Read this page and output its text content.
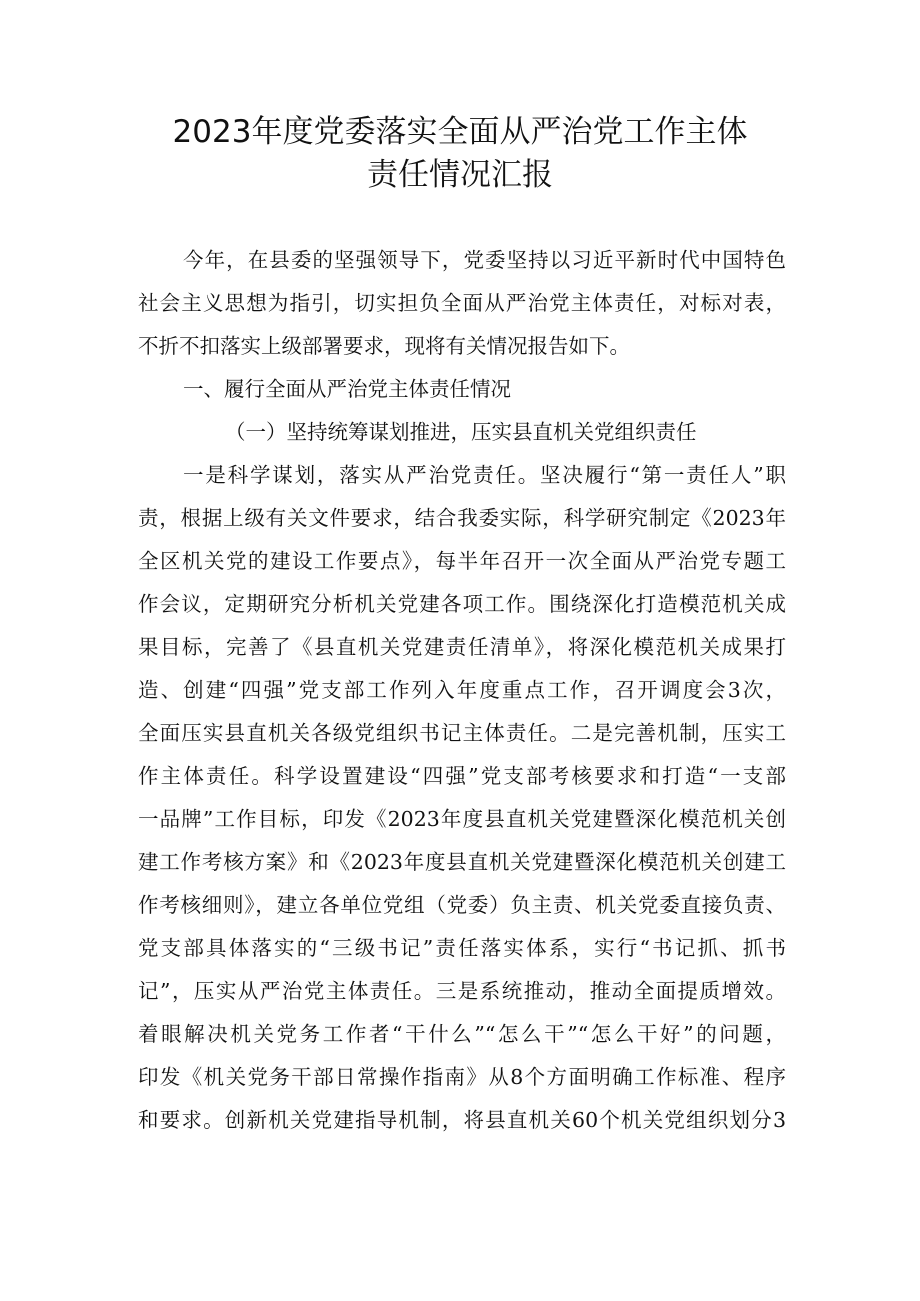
2023年度党委落实全面从严治党工作主体
责任情况汇报
今年，在县委的坚强领导下，党委坚持以习近平新时代中国特色
社会主义思想为指引，切实担负全面从严治党主体责任，对标对表，
不折不扣落实上级部署要求，现将有关情况报告如下。
一、履行全面从严治党主体责任情况
（一）坚持统筹谋划推进，压实县直机关党组织责任
一是科学谋划，落实从严治党责任。坚决履行“第一责任人”职
责，根据上级有关文件要求，结合我委实际，科学研究制定《2023年
全区机关党的建设工作要点》，每半年召开一次全面从严治党专题工
作会议，定期研究分析机关党建各项工作。围绕深化打造模范机关成
果目标，完善了《县直机关党建责任清单》，将深化模范机关成果打
造、创建“四强”党支部工作列入年度重点工作，召开调度会3次，
全面压实县直机关各级党组织书记主体责任。二是完善机制，压实工
作主体责任。科学设置建设“四强”党支部考核要求和打造“一支部
一品牌”工作目标，印发《2023年度县直机关党建暨深化模范机关创
建工作考核方案》和《2023年度县直机关党建暨深化模范机关创建工
作考核细则》，建立各单位党组（党委）负主责、机关党委直接负责、
党支部具体落实的“三级书记”责任落实体系，实行“书记抓、抓书
记”，压实从严治党主体责任。三是系统推动，推动全面提质增效。
着眼解决机关党务工作者“干什么”“怎么干”“怎么干好”的问题，
印发《机关党务干部日常操作指南》从8个方面明确工作标准、程序
和要求。创新机关党建指导机制，将县直机关60个机关党组织划分3
